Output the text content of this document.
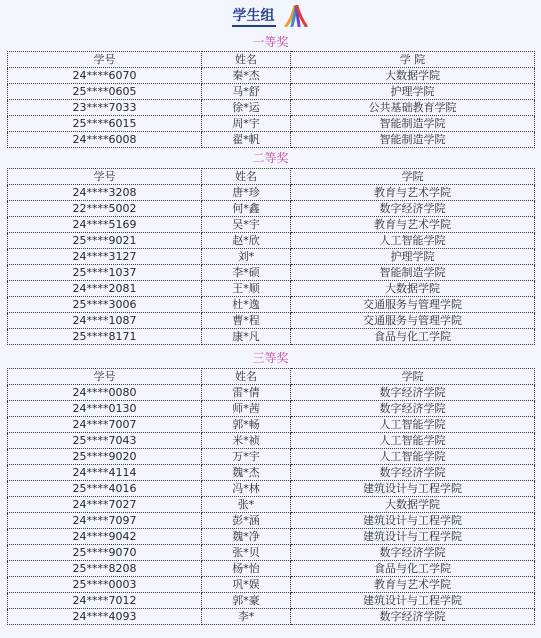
学生组
一等奖
学号	姓名	学 院
24****6070	秦*杰	大数据学院
25****0605	马*舒	护理学院
23****7033	徐*运	公共基础教育学院
25****6015	周*宇	智能制造学院
24****6008	翟*帆	智能制造学院
二等奖
学号	姓名	学院
24****3208	唐*珍	教育与艺术学院
22****5002	何*鑫	数字经济学院
24****5169	吴*宇	教育与艺术学院
25****9021	赵*欣	人工智能学院
24****3127	刘*	护理学院
25****1037	李*硕	智能制造学院
24****2081	王*顺	大数据学院
25****3006	杜*逸	交通服务与管理学院
24****1087	曹*程	交通服务与管理学院
25****8171	康*凡	食品与化工学院
三等奖
学号	姓名	学院
24****0080	雷*倩	数字经济学院
24****0130	师*茜	数字经济学院
24****7007	郭*畅	人工智能学院
25****7043	米*祯	人工智能学院
25****9020	万*宇	人工智能学院
24****4114	魏*杰	数字经济学院
25****4016	冯*林	建筑设计与工程学院
24****7027	张*	大数据学院
24****7097	彭*涵	建筑设计与工程学院
24****9042	魏*净	建筑设计与工程学院
25****9070	张*贝	数字经济学院
25****8208	杨*怡	食品与化工学院
25****0003	巩*娱	教育与艺术学院
24****7012	郭*豪	建筑设计与工程学院
24****4093	李*	数字经济学院
